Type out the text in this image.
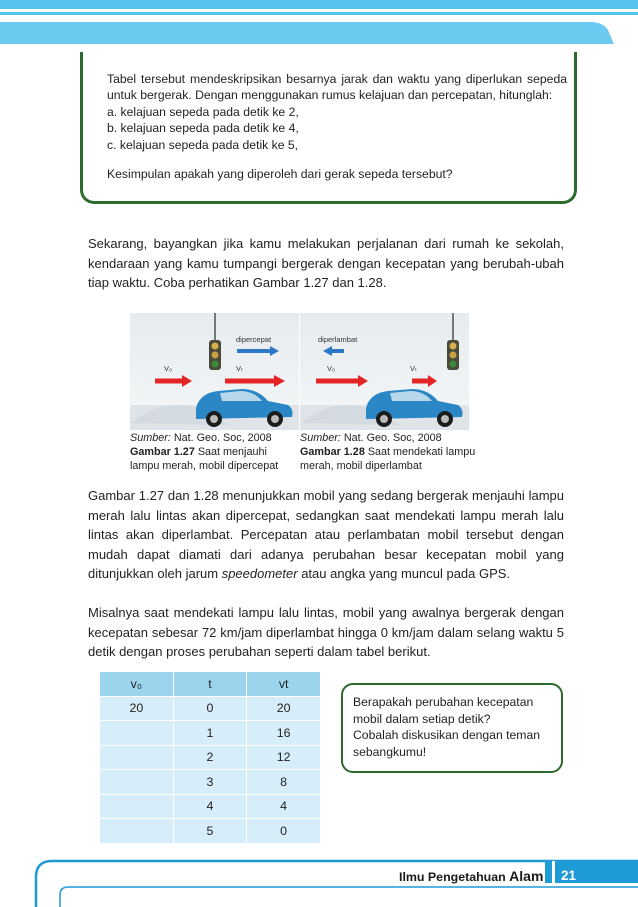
Tabel tersebut mendeskripsikan besarnya jarak dan waktu yang diperlukan sepeda untuk bergerak. Dengan menggunakan rumus kelajuan dan percepatan, hitunglah:

a. kelajuan sepeda pada detik ke 2,

b. kelajuan sepeda pada detik ke 4,

c. kelajuan sepeda pada detik ke 5,

Kesimpulan apakah yang diperoleh dari gerak sepeda tersebut?

Sekarang, bayangkan jika kamu melakukan perjalanan dari rumah ke sekolah, kendaraan yang kamu tumpangi bergerak dengan kecepatan yang berubah-ubah tiap waktu. Coba perhatikan Gambar 1.27 dan 1.28.

dipercepat
V₀	Vₜ
diperlambat
V₀	Vₜ
Sumber: Nat. Geo. Soc, 2008
Gambar 1.27 Saat menjauhi
lampu merah, mobil dipercepat
Sumber: Nat. Geo. Soc, 2008
Gambar 1.28 Saat mendekati lampu
merah, mobil diperlambat

Gambar 1.27 dan 1.28 menunjukkan mobil yang sedang bergerak menjauhi lampu merah lalu lintas akan dipercepat, sedangkan saat mendekati lampu merah lalu lintas akan diperlambat. Percepatan atau perlambatan mobil tersebut dengan mudah dapat diamati dari adanya perubahan besar kecepatan mobil yang ditunjukkan oleh jarum speedometer atau angka yang muncul pada GPS.

Misalnya saat mendekati lampu lalu lintas, mobil yang awalnya bergerak dengan kecepatan sebesar 72 km/jam diperlambat hingga 0 km/jam dalam selang waktu 5 detik dengan proses perubahan seperti dalam tabel berikut.

v₀	t	vt
20	0	20
	1	16
	2	12
	3	8
	4	4
	5	0
Berapakah perubahan kecepatan
mobil dalam setiap detik?
Cobalah diskusikan dengan teman
sebangkumu!
Ilmu Pengetahuan Alam 21
